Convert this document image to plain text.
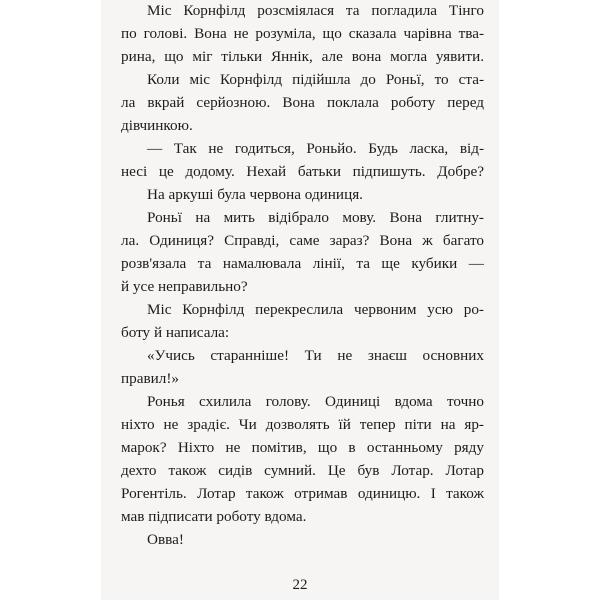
Міс Корнфілд розсміялася та погладила Тінго
по голові. Вона не розуміла, що сказала чарівна тва-
рина, що міг тільки Яннік, але вона могла уявити.
Коли міс Корнфілд підійшла до Роньї, то ста-
ла вкрай серйозною. Вона поклала роботу перед
дівчинкою.
— Так не годиться, Роньйо. Будь ласка, від-
несi це додому. Нехай батьки підпишуть. Добре?
На аркуші була червона одиниця.
Роньї на мить відібрало мову. Вона глитну-
ла. Одиниця? Справді, саме зараз? Вона ж багато
розв'язала та намалювала лінії, та ще кубики —
й усе неправильно?
Міс Корнфілд перекреслила червоним усю ро-
боту й написала:
«Учись старанніше! Ти не знаєш основних
правил!»
Ронья схилила голову. Одиниці вдома точно
ніхто не зрадіє. Чи дозволять їй тепер піти на яр-
марок? Ніхто не помітив, що в останньому ряду
дехто також сидів сумний. Це був Лотар. Лотар
Рогентіль. Лотар також отримав одиницю. І також
мав підписати роботу вдома.
Овва!
22
